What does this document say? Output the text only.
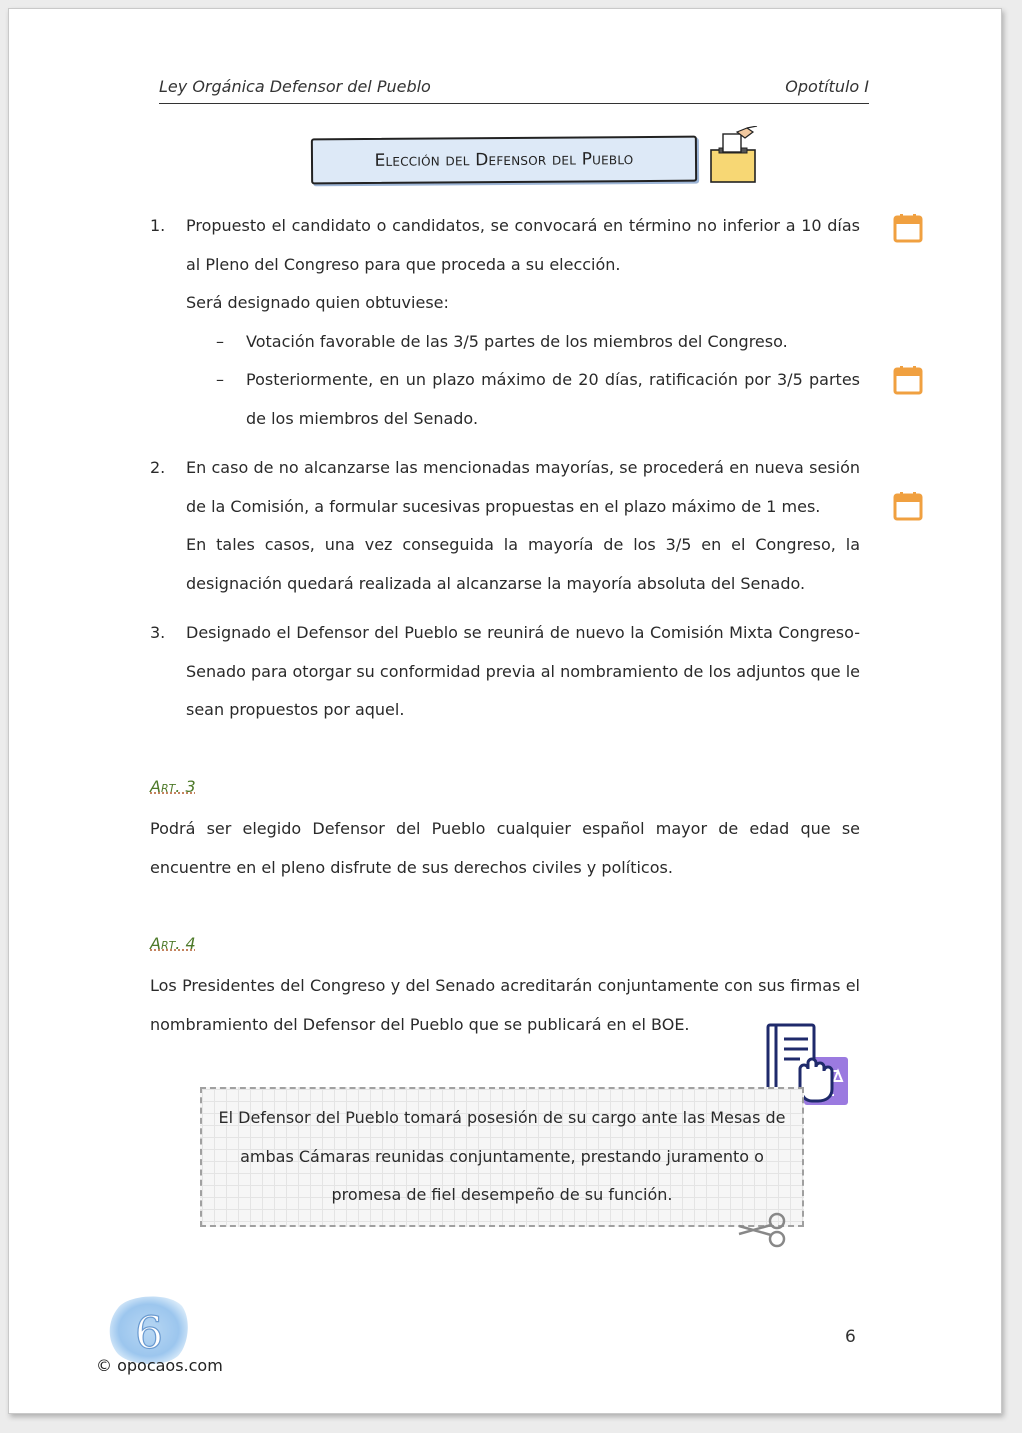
Ley Orgánica Defensor del Pueblo	Opotítulo I
Elección del Defensor del Pueblo
1. Propuesto el candidato o candidatos, se convocará en término no inferior a 10 días al Pleno del Congreso para que proceda a su elección.

Será designado quien obtuviese:

– Votación favorable de las 3/5 partes de los miembros del Congreso.

– Posteriormente, en un plazo máximo de 20 días, ratificación por 3/5 partes de los miembros del Senado.

2. En caso de no alcanzarse las mencionadas mayorías, se procederá en nueva sesión de la Comisión, a formular sucesivas propuestas en el plazo máximo de 1 mes.

En tales casos, una vez conseguida la mayoría de los 3/5 en el Congreso, la designación quedará realizada al alcanzarse la mayoría absoluta del Senado.

3. Designado el Defensor del Pueblo se reunirá de nuevo la Comisión Mixta Congreso-Senado para otorgar su conformidad previa al nombramiento de los adjuntos que le sean propuestos por aquel.

Art. 3

Podrá ser elegido Defensor del Pueblo cualquier español mayor de edad que se encuentre en el pleno disfrute de sus derechos civiles y políticos.

Art. 4

Los Presidentes del Congreso y del Senado acreditarán conjuntamente con sus firmas el nombramiento del Defensor del Pueblo que se publicará en el BOE.

El Defensor del Pueblo tomará posesión de su cargo ante las Mesas de

ambas Cámaras reunidas conjuntamente, prestando juramento o

promesa de fiel desempeño de su función.

6
6
© opocaos.com
